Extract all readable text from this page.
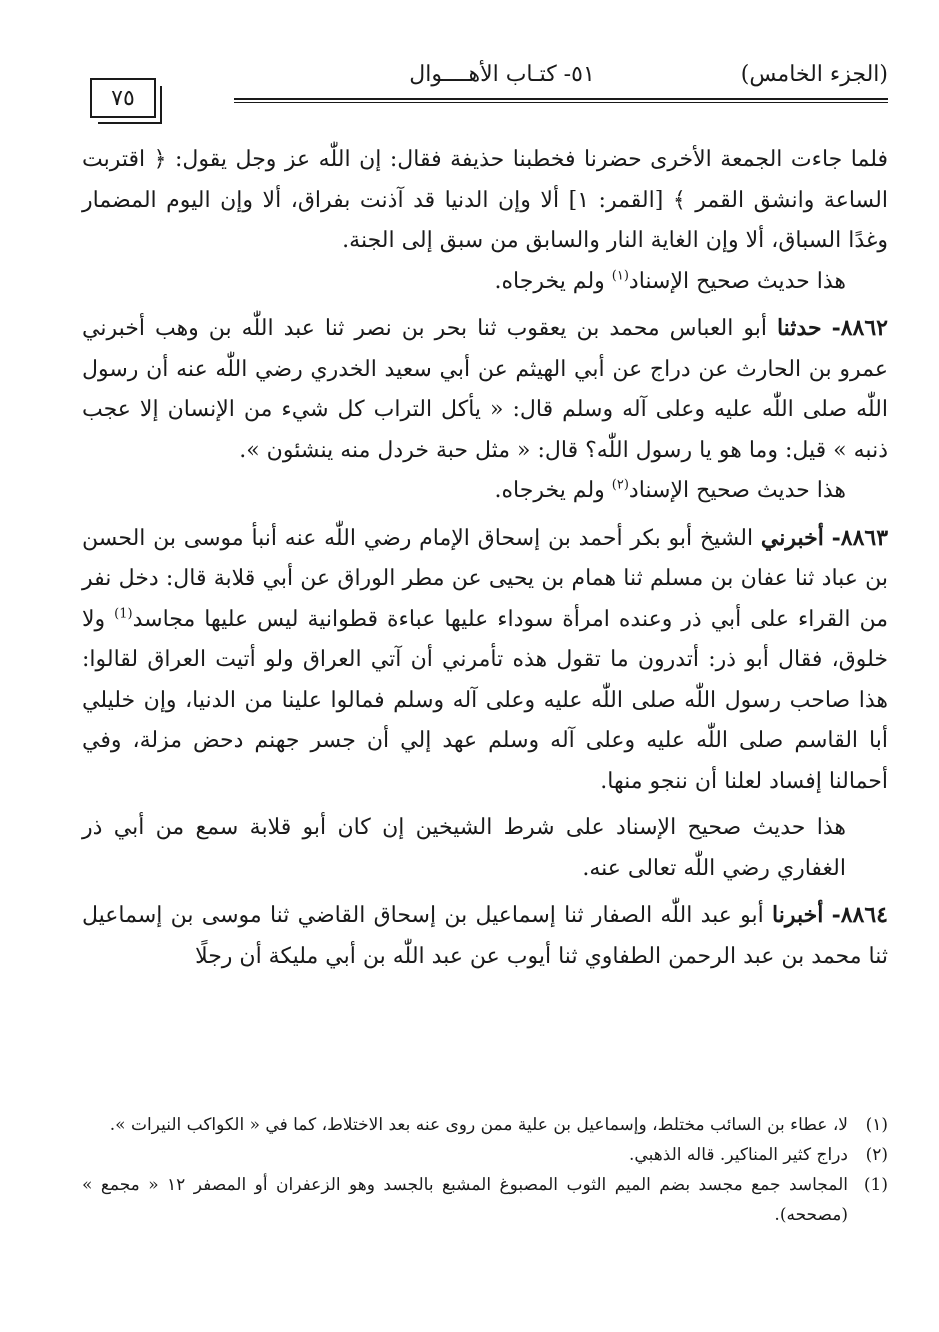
(الجزء الخامس)
٥١- كتـاب الأهــــوال
٧٥

فلما جاءت الجمعة الأخرى حضرنا فخطبنا حذيفة فقال: إن اللّٰه عز وجل يقول: ﴿ اقتربت الساعة وانشق القمر ﴾ [القمر: ١] ألا وإن الدنيا قد آذنت بفراق، ألا وإن اليوم المضمار وغدًا السباق، ألا وإن الغاية النار والسابق من سبق إلى الجنة.

هذا حديث صحيح الإسناد$^{(١)}$ ولم يخرجاه.

٨٨٦٢- حدثنا أبو العباس محمد بن يعقوب ثنا بحر بن نصر ثنا عبد اللّٰه بن وهب أخبرني عمرو بن الحارث عن دراج عن أبي الهيثم عن أبي سعيد الخدري رضي اللّٰه عنه أن رسول اللّٰه صلى اللّٰه عليه وعلى آله وسلم قال: « يأكل التراب كل شيء من الإنسان إلا عجب ذنبه » قيل: وما هو يا رسول اللّٰه؟ قال: « مثل حبة خردل منه ينشئون ».

هذا حديث صحيح الإسناد$^{(٢)}$ ولم يخرجاه.

٨٨٦٣- أخبرني الشيخ أبو بكر أحمد بن إسحاق الإمام رضي اللّٰه عنه أنبأ موسى بن الحسن بن عباد ثنا عفان بن مسلم ثنا همام بن يحيى عن مطر الوراق عن أبي قلابة قال: دخل نفر من القراء على أبي ذر وعنده امرأة سوداء عليها عباءة قطوانية ليس عليها مجاسد$^{(1)}$ ولا خلوق، فقال أبو ذر: أتدرون ما تقول هذه تأمرني أن آتي العراق ولو أتيت العراق لقالوا: هذا صاحب رسول اللّٰه صلى اللّٰه عليه وعلى آله وسلم فمالوا علينا من الدنيا، وإن خليلي أبا القاسم صلى اللّٰه عليه وعلى آله وسلم عهد إلي أن جسر جهنم دحض مزلة، وفي أحمالنا إفساد لعلنا أن ننجو منها.

هذا حديث صحيح الإسناد على شرط الشيخين إن كان أبو قلابة سمع من أبي ذر الغفاري رضي اللّٰه تعالى عنه.

٨٨٦٤- أخبرنا أبو عبد اللّٰه الصفار ثنا إسماعيل بن إسحاق القاضي ثنا موسى بن إسماعيل ثنا محمد بن عبد الرحمن الطفاوي ثنا أيوب عن عبد اللّٰه بن أبي مليكة أن رجلًا

(١)
لا، عطاء بن السائب مختلط، وإسماعيل بن علية ممن روى عنه بعد الاختلاط، كما في « الكواكب النيرات ».

(٢)
دراج كثير المناكير. قاله الذهبي.

(1)
المجاسد جمع مجسد بضم الميم الثوب المصبوغ المشبع بالجسد وهو الزعفران أو المصفر ١٢ « مجمع » (مصححه).
